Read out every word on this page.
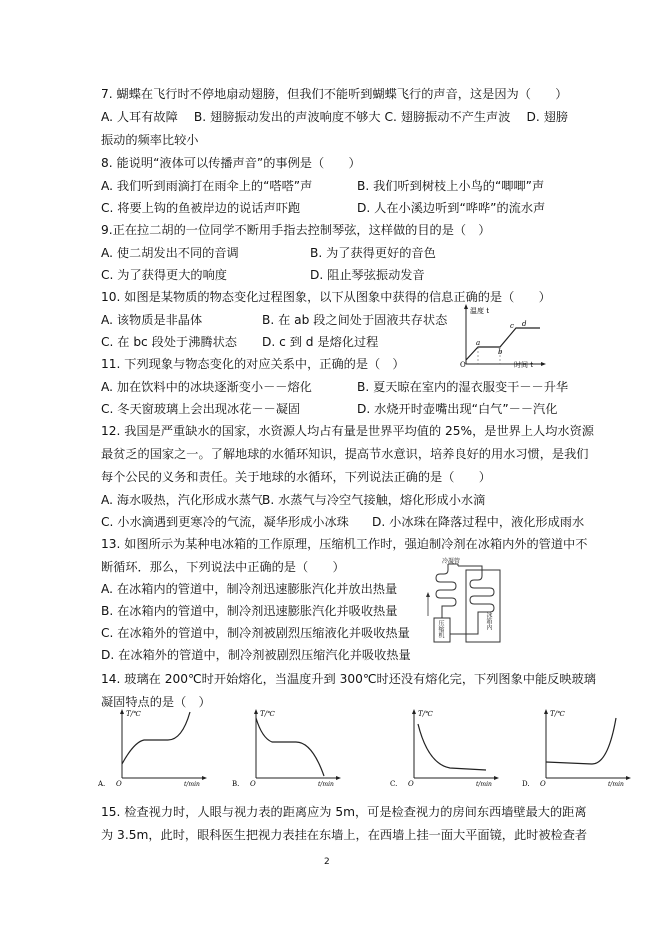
7. 蝴蝶在飞行时不停地扇动翅膀，但我们不能听到蝴蝶飞行的声音，这是因为（　　）
A. 人耳有故障　 B. 翅膀振动发出的声波响度不够大 C. 翅膀振动不产生声波　 D. 翅膀
振动的频率比较小
8. 能说明“液体可以传播声音”的事例是（　　）
A. 我们听到雨滴打在雨伞上的“嗒嗒”声	B. 我们听到树枝上小鸟的“唧唧”声
C. 将要上钩的鱼被岸边的说话声吓跑	D. 人在小溪边听到“哗哗”的流水声
9.正在拉二胡的一位同学不断用手指去控制琴弦，这样做的目的是（　）
A. 使二胡发出不同的音调	B. 为了获得更好的音色
C. 为了获得更大的响度	D. 阻止琴弦振动发音
10. 如图是某物质的物态变化过程图象，以下从图象中获得的信息正确的是（　　）
A. 该物质是非晶体	B. 在 ab 段之间处于固液共存状态
C. 在 bc 段处于沸腾状态 D. c 到 d 是熔化过程
温度 t
O
a
b
c d
时间 t
11. 下列现象与物态变化的对应关系中，正确的是（　）
A. 加在饮料中的冰块逐渐变小－－熔化	B. 夏天晾在室内的湿衣服变干－－升华
C. 冬天窗玻璃上会出现冰花－－凝固	D. 水烧开时壶嘴出现“白气”－－汽化
12. 我国是严重缺水的国家，水资源人均占有量是世界平均值的 25%，是世界上人均水资源
最贫乏的国家之一。了解地球的水循环知识，提高节水意识，培养良好的用水习惯，是我们
每个公民的义务和责任。关于地球的水循环，下列说法正确的是（　　）
A. 海水吸热，汽化形成水蒸气
B. 水蒸气与冷空气接触，熔化形成小水滴
C. 小水滴遇到更寒冷的气流，凝华形成小冰珠 D. 小冰珠在降落过程中，液化形成雨水
13. 如图所示为某种电冰箱的工作原理，压缩机工作时，强迫制冷剂在冰箱内外的管道中不
断循环．那么，下列说法中正确的是（　　）
A. 在冰箱内的管道中，制冷剂迅速膨胀汽化并放出热量
B. 在冰箱内的管道中，制冷剂迅速膨胀汽化并吸收热量
C. 在冰箱外的管道中，制冷剂被剧烈压缩液化并吸收热量
D. 在冰箱外的管道中，制冷剂被剧烈压缩汽化并吸收热量
冷凝管
压缩机	冰箱内
14. 玻璃在 200℃时开始熔化，当温度升到 300℃时还没有熔化完，下列图象中能反映玻璃
凝固特点的是（　）
T/℃
O	t/min
A.
T/℃
O	t/min
B.
T/℃
O	t/min
C.
T/℃
O	t/min
D.
15. 检查视力时，人眼与视力表的距离应为 5m，可是检查视力的房间东西墙壁最大的距离
为 3.5m，此时，眼科医生把视力表挂在东墙上，在西墙上挂一面大平面镜，此时被检查者
2
